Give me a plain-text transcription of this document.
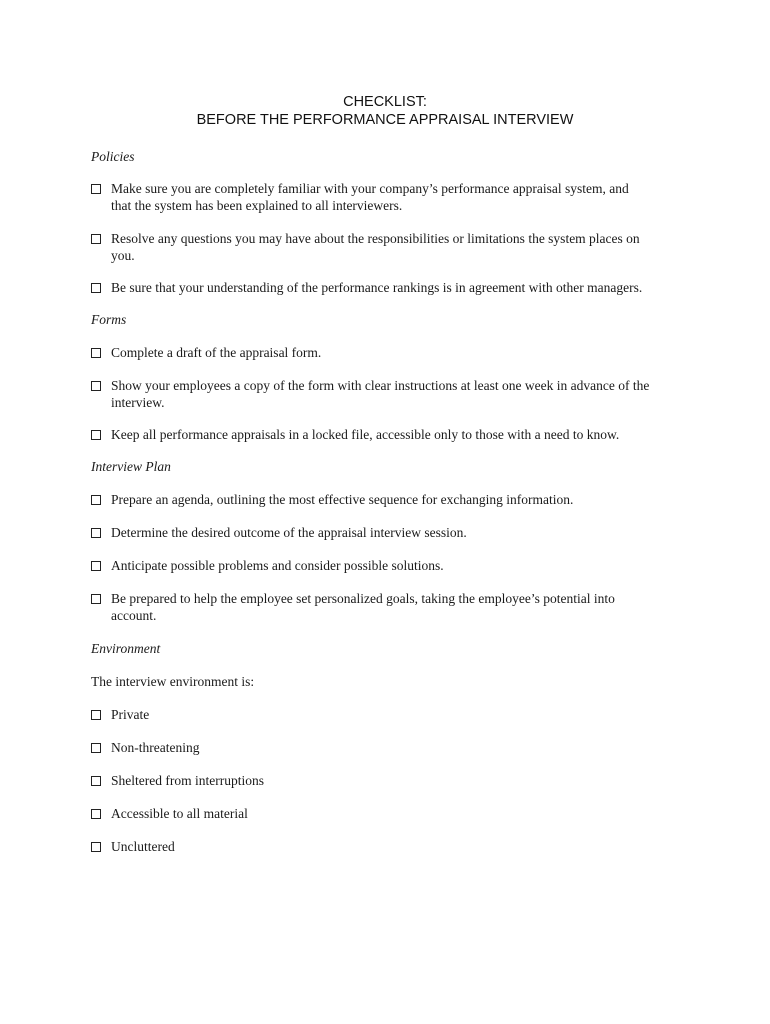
CHECKLIST:
BEFORE THE PERFORMANCE APPRAISAL INTERVIEW

Policies

Make sure you are completely familiar with your company’s performance appraisal system, and that the system has been explained to all interviewers.
Resolve any questions you may have about the responsibilities or limitations the system places on you.
Be sure that your understanding of the performance rankings is in agreement with other managers.

Forms

Complete a draft of the appraisal form.
Show your employees a copy of the form with clear instructions at least one week in advance of the interview.
Keep all performance appraisals in a locked file, accessible only to those with a need to know.

Interview Plan

Prepare an agenda, outlining the most effective sequence for exchanging information.
Determine the desired outcome of the appraisal interview session.
Anticipate possible problems and consider possible solutions.
Be prepared to help the employee set personalized goals, taking the employee’s potential into account.

Environment

The interview environment is:

Private
Non-threatening
Sheltered from interruptions
Accessible to all material
Uncluttered
